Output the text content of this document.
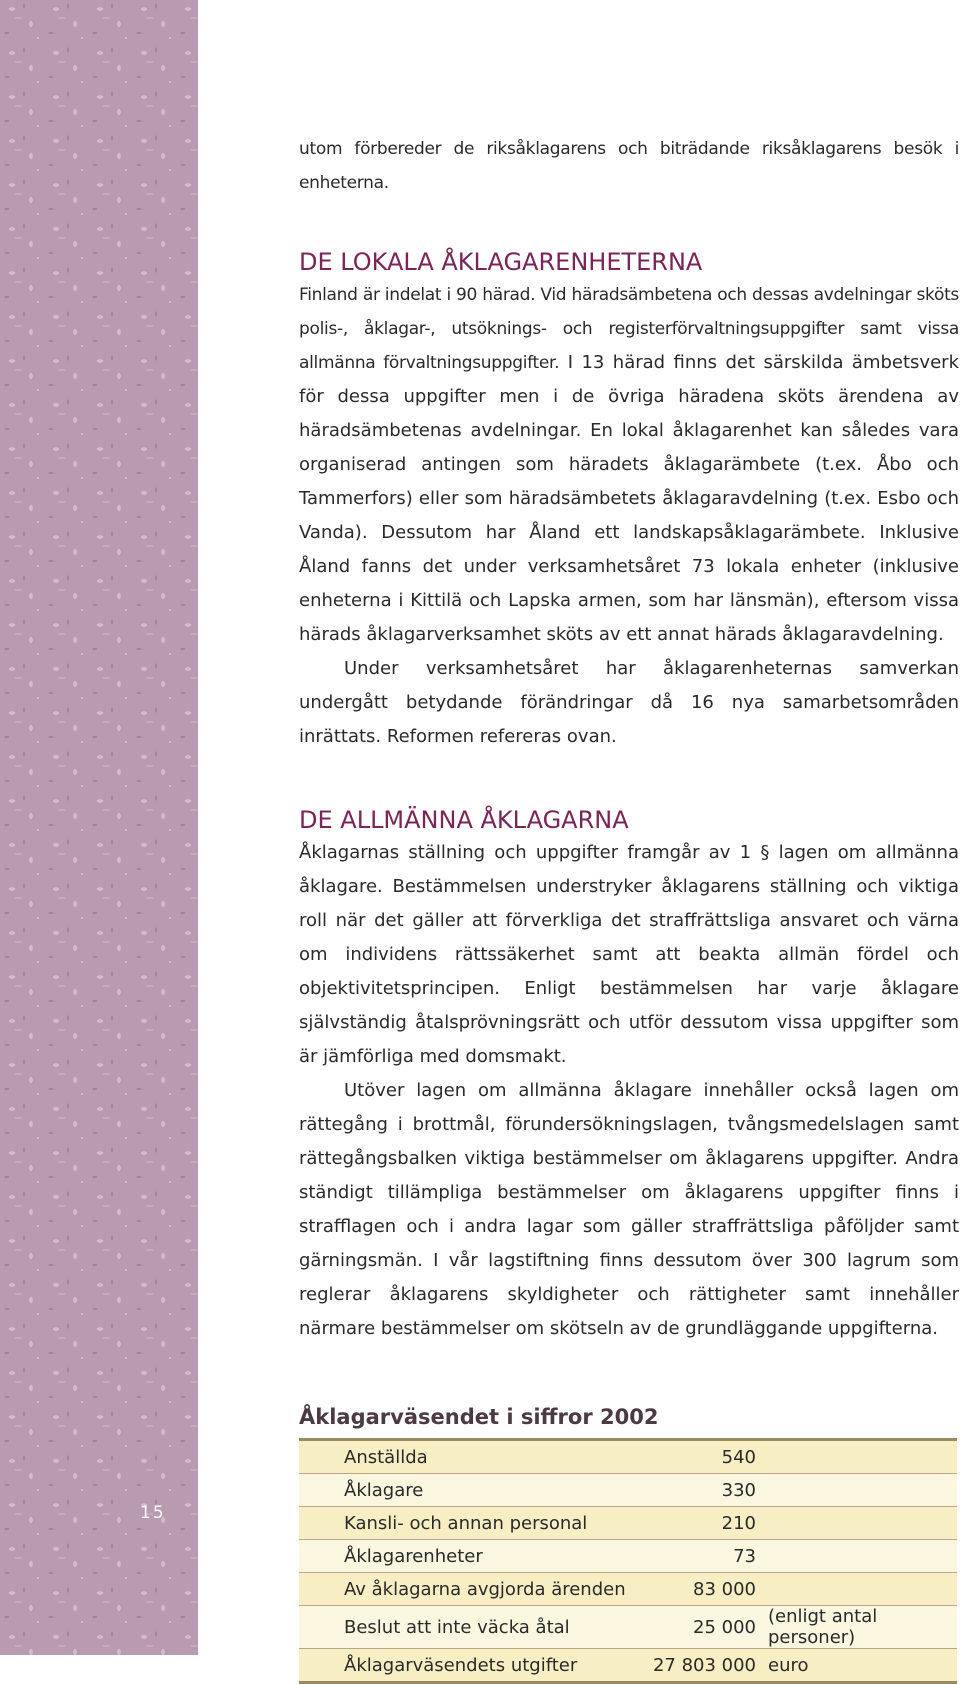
15

utom förbereder de riksåklagarens och biträdande riksåklagarens besök i enheterna.

DE LOKALA ÅKLAGARENHETERNA

Finland är indelat i 90 härad. Vid häradsämbetena och dessas avdelningar sköts polis-, åklagar-, utsöknings- och registerförvaltningsuppgifter samt vissa allmänna förvaltningsuppgifter. I 13 härad finns det särskilda ämbetsverk för dessa uppgifter men i de övriga häradena sköts ärendena av häradsämbetenas avdelningar. En lokal åklagarenhet kan således vara organiserad antingen som häradets åklagarämbete (t.ex. Åbo och Tammerfors) eller som häradsämbetets åklagaravdelning (t.ex. Esbo och Vanda). Dessutom har Åland ett landskapsåklagarämbete. Inklusive Åland fanns det under verksamhetsåret 73 lokala enheter (inklusive enheterna i Kittilä och Lapska armen, som har länsmän), eftersom vissa härads åklagarverksamhet sköts av ett annat härads åklagaravdelning.

Under verksamhetsåret har åklagarenheternas samverkan undergått betydande förändringar då 16 nya samarbetsområden inrättats. Reformen refereras ovan.

DE ALLMÄNNA ÅKLAGARNA

Åklagarnas ställning och uppgifter framgår av 1 § lagen om allmänna åklagare. Bestämmelsen understryker åklagarens ställning och viktiga roll när det gäller att förverkliga det straffrättsliga ansvaret och värna om individens rättssäkerhet samt att beakta allmän fördel och objektivitetsprincipen. Enligt bestämmelsen har varje åklagare självständig åtalsprövningsrätt och utför dessutom vissa uppgifter som är jämförliga med domsmakt.

Utöver lagen om allmänna åklagare innehåller också lagen om rättegång i brottmål, förundersökningslagen, tvångsmedelslagen samt rättegångsbalken viktiga bestämmelser om åklagarens uppgifter. Andra ständigt tillämpliga bestämmelser om åklagarens uppgifter finns i strafflagen och i andra lagar som gäller straffrättsliga påföljder samt gärningsmän. I vår lagstiftning finns dessutom över 300 lagrum som reglerar åklagarens skyldigheter och rättigheter samt innehåller närmare bestämmelser om skötseln av de grundläggande uppgifterna.

Åklagarväsendet i siffror 2002
Anställda	540	
Åklagare	330	
Kansli- och annan personal	210	
Åklagarenheter	73	
Av åklagarna avgjorda ärenden	83 000	
Beslut att inte väcka åtal	25 000	(enligt antal personer)
Åklagarväsendets utgifter	27 803 000	euro
